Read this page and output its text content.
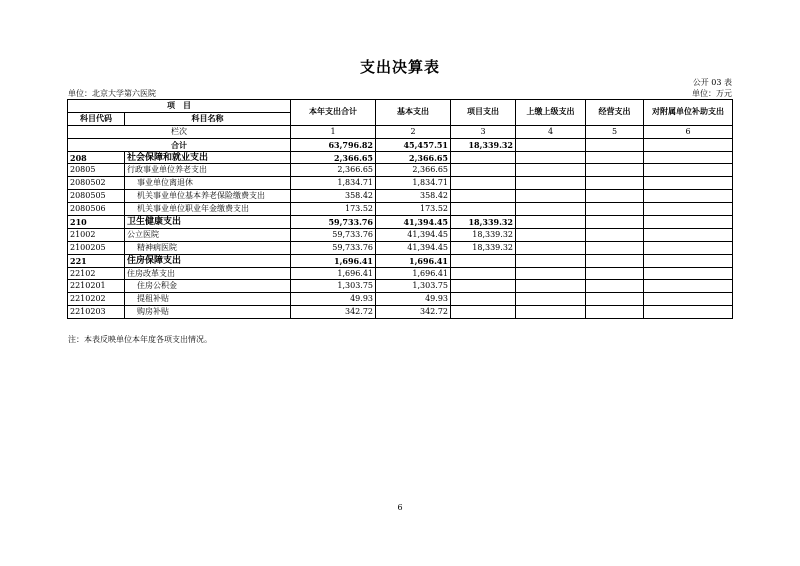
支出决算表
公开 03 表
单位：北京大学第六医院	单位：万元
项　目		本年支出合计	基本支出	项目支出	上缴上级支出	经营支出	对附属单位补助支出
科目代码	科目名称						
栏次		1	2	3	4	5	6
合计		63,796.82	45,457.51	18,339.32			
208	社会保障和就业支出	2,366.65	2,366.65				
20805	行政事业单位养老支出	2,366.65	2,366.65				
2080502	事业单位离退休	1,834.71	1,834.71				
2080505	机关事业单位基本养老保险缴费支出	358.42	358.42				
2080506	机关事业单位职业年金缴费支出	173.52	173.52				
210	卫生健康支出	59,733.76	41,394.45	18,339.32			
21002	公立医院	59,733.76	41,394.45	18,339.32			
2100205	精神病医院	59,733.76	41,394.45	18,339.32			
221	住房保障支出	1,696.41	1,696.41				
22102	住房改革支出	1,696.41	1,696.41				
2210201	住房公积金	1,303.75	1,303.75				
2210202	提租补贴	49.93	49.93				
2210203	购房补贴	342.72	342.72				
注：本表反映单位本年度各项支出情况。
6
